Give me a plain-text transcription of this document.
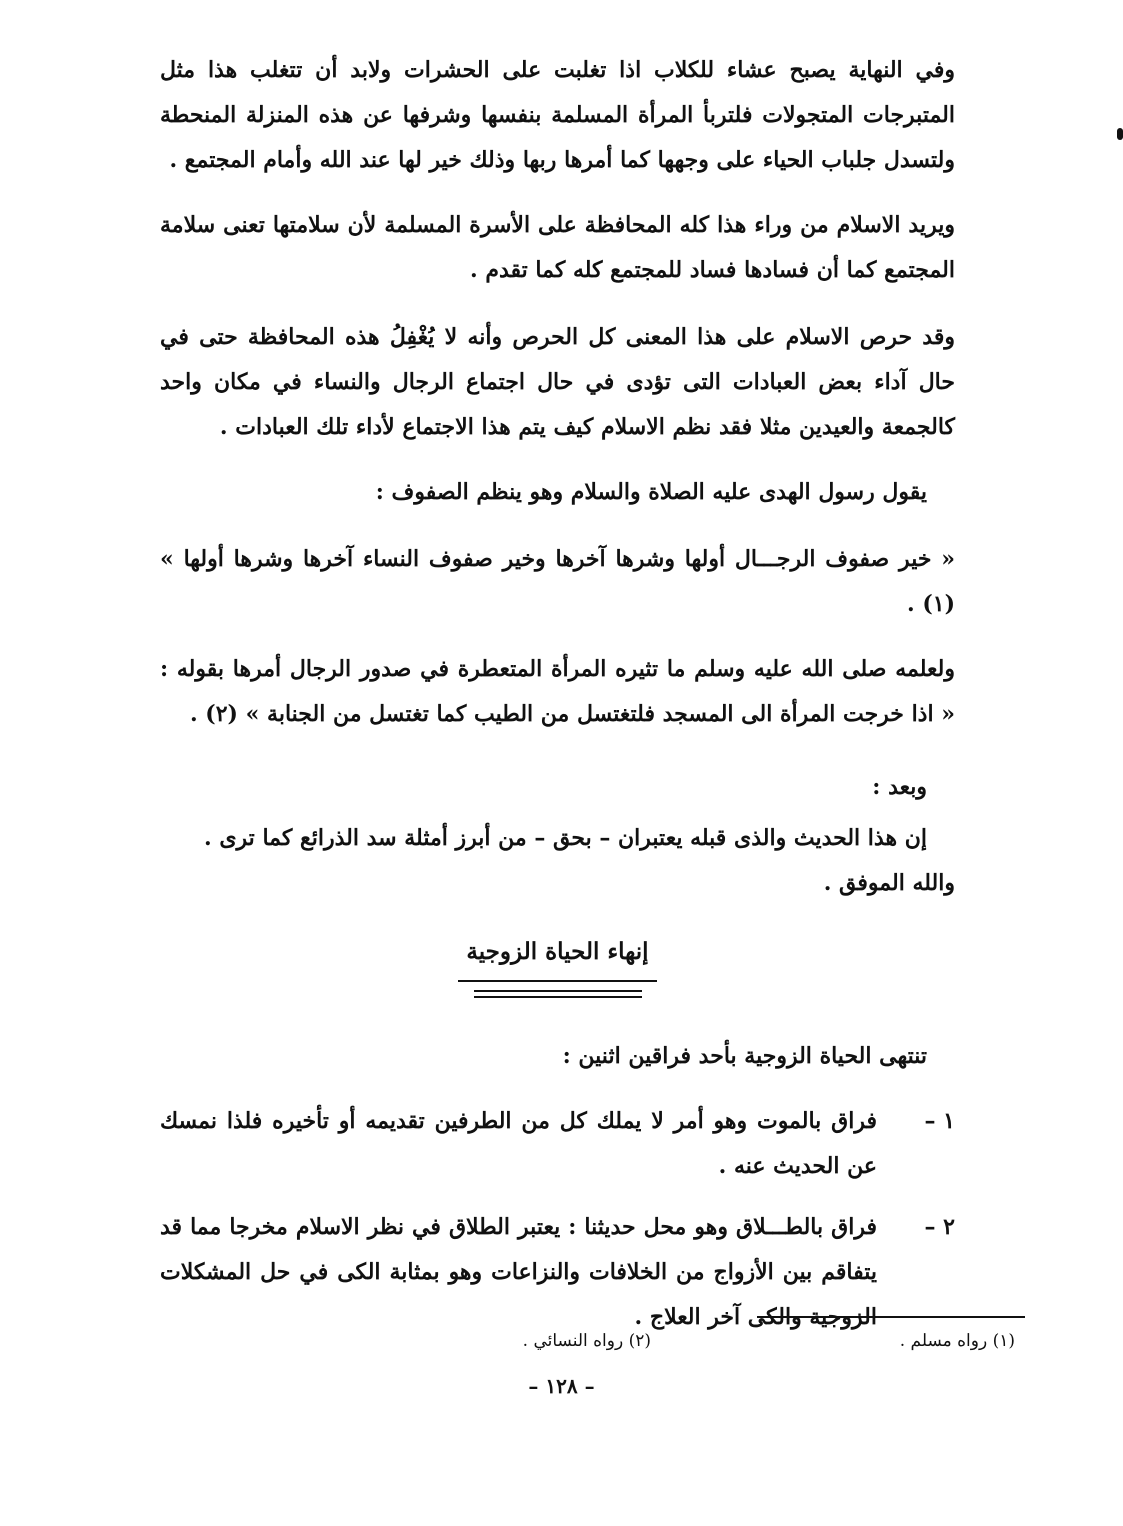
وفي النهاية يصبح عشاء للكلاب اذا تغلبت على الحشرات ولابد أن تتغلب هذا مثل المتبرجات المتجولات فلتربأ المرأة المسلمة بنفسها وشرفها عن هذه المنزلة المنحطة ولتسدل جلباب الحياء على وجهها كما أمرها ربها وذلك خير لها عند الله وأمام المجتمع .

ويريد الاسلام من وراء هذا كله المحافظة على الأسرة المسلمة لأن سلامتها تعنى سلامة المجتمع كما أن فسادها فساد للمجتمع كله كما تقدم .

وقد حرص الاسلام على هذا المعنى كل الحرص وأنه لا يُغْفِلُ هذه المحافظة حتى في حال آداء بعض العبادات التى تؤدى في حال اجتماع الرجال والنساء في مكان واحد كالجمعة والعيدين مثلا فقد نظم الاسلام كيف يتم هذا الاجتماع لأداء تلك العبادات .

يقول رسول الهدى عليه الصلاة والسلام وهو ينظم الصفوف :

« خير صفوف الرجـــال أولها وشرها آخرها وخير صفوف النساء آخرها وشرها أولها » (١) .

ولعلمه صلى الله عليه وسلم ما تثيره المرأة المتعطرة في صدور الرجال أمرها بقوله : « اذا خرجت المرأة الى المسجد فلتغتسل من الطيب كما تغتسل من الجنابة » (٢) .

وبعد :

إن هذا الحديث والذى قبله يعتبران – بحق – من أبرز أمثلة سد الذرائع كما ترى .

والله الموفق .

إنهاء الحياة الزوجية

تنتهى الحياة الزوجية بأحد فراقين اثنين :

١ –
فراق بالموت وهو أمر لا يملك كل من الطرفين تقديمه أو تأخيره فلذا نمسك عن الحديث عنه .
٢ –
فراق بالطـــلاق وهو محل حديثنا : يعتبر الطلاق في نظر الاسلام مخرجا مما قد يتفاقم بين الأزواج من الخلافات والنزاعات وهو بمثابة الكى في حل المشكلات الزوجية والكى آخر العلاج .
(١) رواه مسلم .
(٢) رواه النسائي .
– ١٢٨ –
